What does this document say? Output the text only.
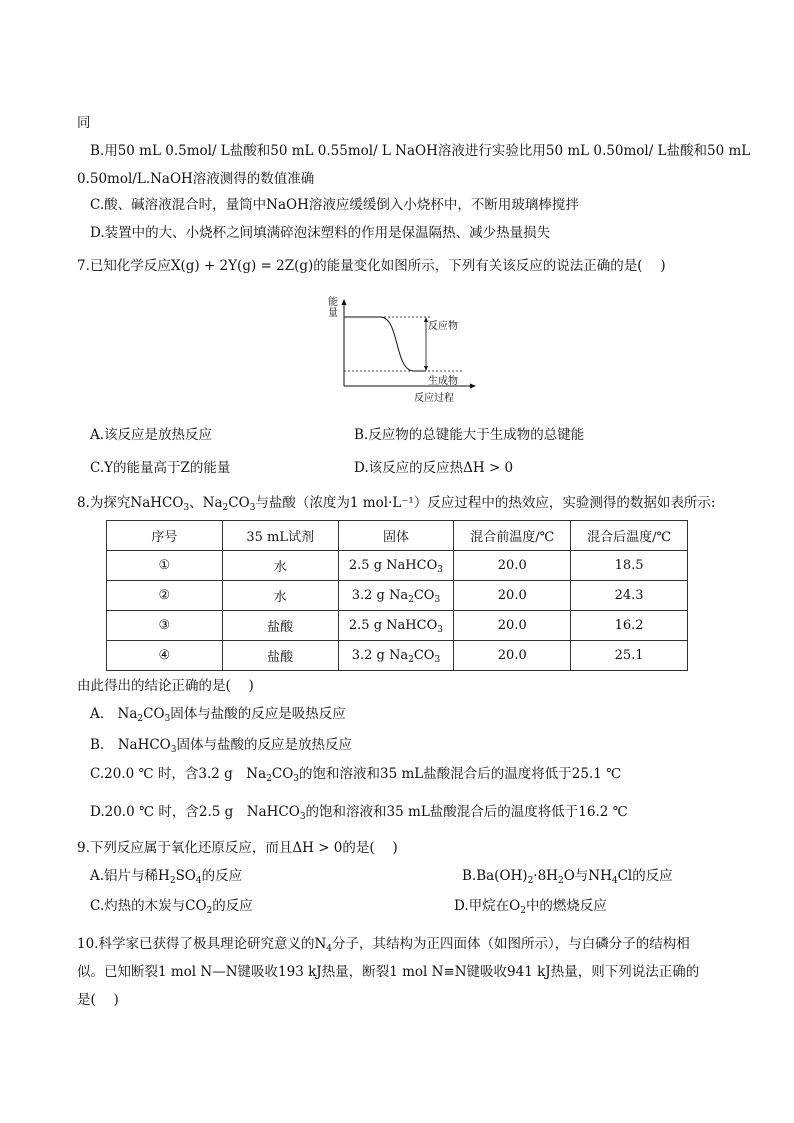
同
B.用50 mL 0.5mol/ L盐酸和50 mL 0.55mol/ L NaOH溶液进行实验比用50 mL 0.50mol/ L盐酸和50 mL
0.50mol/L.NaOH溶液测得的数值准确
C.酸、碱溶液混合时，量筒中NaOH溶液应缓缓倒入小烧杯中，不断用玻璃棒搅拌
D.装置中的大、小烧杯之间填满碎泡沫塑料的作用是保温隔热、减少热量损失
7.已知化学反应X(g) + 2Y(g) = 2Z(g)的能量变化如图所示，下列有关该反应的说法正确的是(　 )
能
量
反应物
生成物
反应过程
A.该反应是放热反应	B.反应物的总键能大于生成物的总键能
C.Y的能量高于Z的能量	D.该反应的反应热ΔH > 0
8.为探究NaHCO$_3$、$Na_2CO_3$与盐酸（浓度为1 mol·L⁻¹）反应过程中的热效应，实验测得的数据如表所示:
序号	35 mL试剂	固体	混合前温度/℃	混合后温度/℃
①	水	2.5 g NaHCO$_3$	20.0	18.5
②	水	3.2 g $Na_2CO_3$	20.0	24.3
③	盐酸	2.5 g NaHCO$_3$	20.0	16.2
④	盐酸	3.2 g $Na_2CO_3$	20.0	25.1
由此得出的结论正确的是(　 )
A.　$Na_2CO_3$固体与盐酸的反应是吸热反应
B.　NaHCO$_3$固体与盐酸的反应是放热反应
C.20.0 ℃ 时，含3.2 g　$Na_2CO_3$的饱和溶液和35 mL盐酸混合后的温度将低于25.1 ℃
D.20.0 ℃ 时，含2.5 g　NaHCO$_3$的饱和溶液和35 mL盐酸混合后的温度将低于16.2 ℃
9.下列反应属于氧化还原反应，而且ΔH > 0的是(　 )
A.铝片与稀$H_2SO_4$的反应	$B.Ba(OH)_2\cdot 8H_2O$与$NH_4Cl$的反应
C.灼热的木炭与$CO_2$的反应	D.甲烷在$O_2$中的燃烧反应
10.科学家已获得了极具理论研究意义的$N_4$分子，其结构为正四面体（如图所示），与白磷分子的结构相
似。已知断裂1 mol N—N键吸收193 kJ热量，断裂1 mol N≡N键吸收941 kJ热量，则下列说法正确的
是(　 )
